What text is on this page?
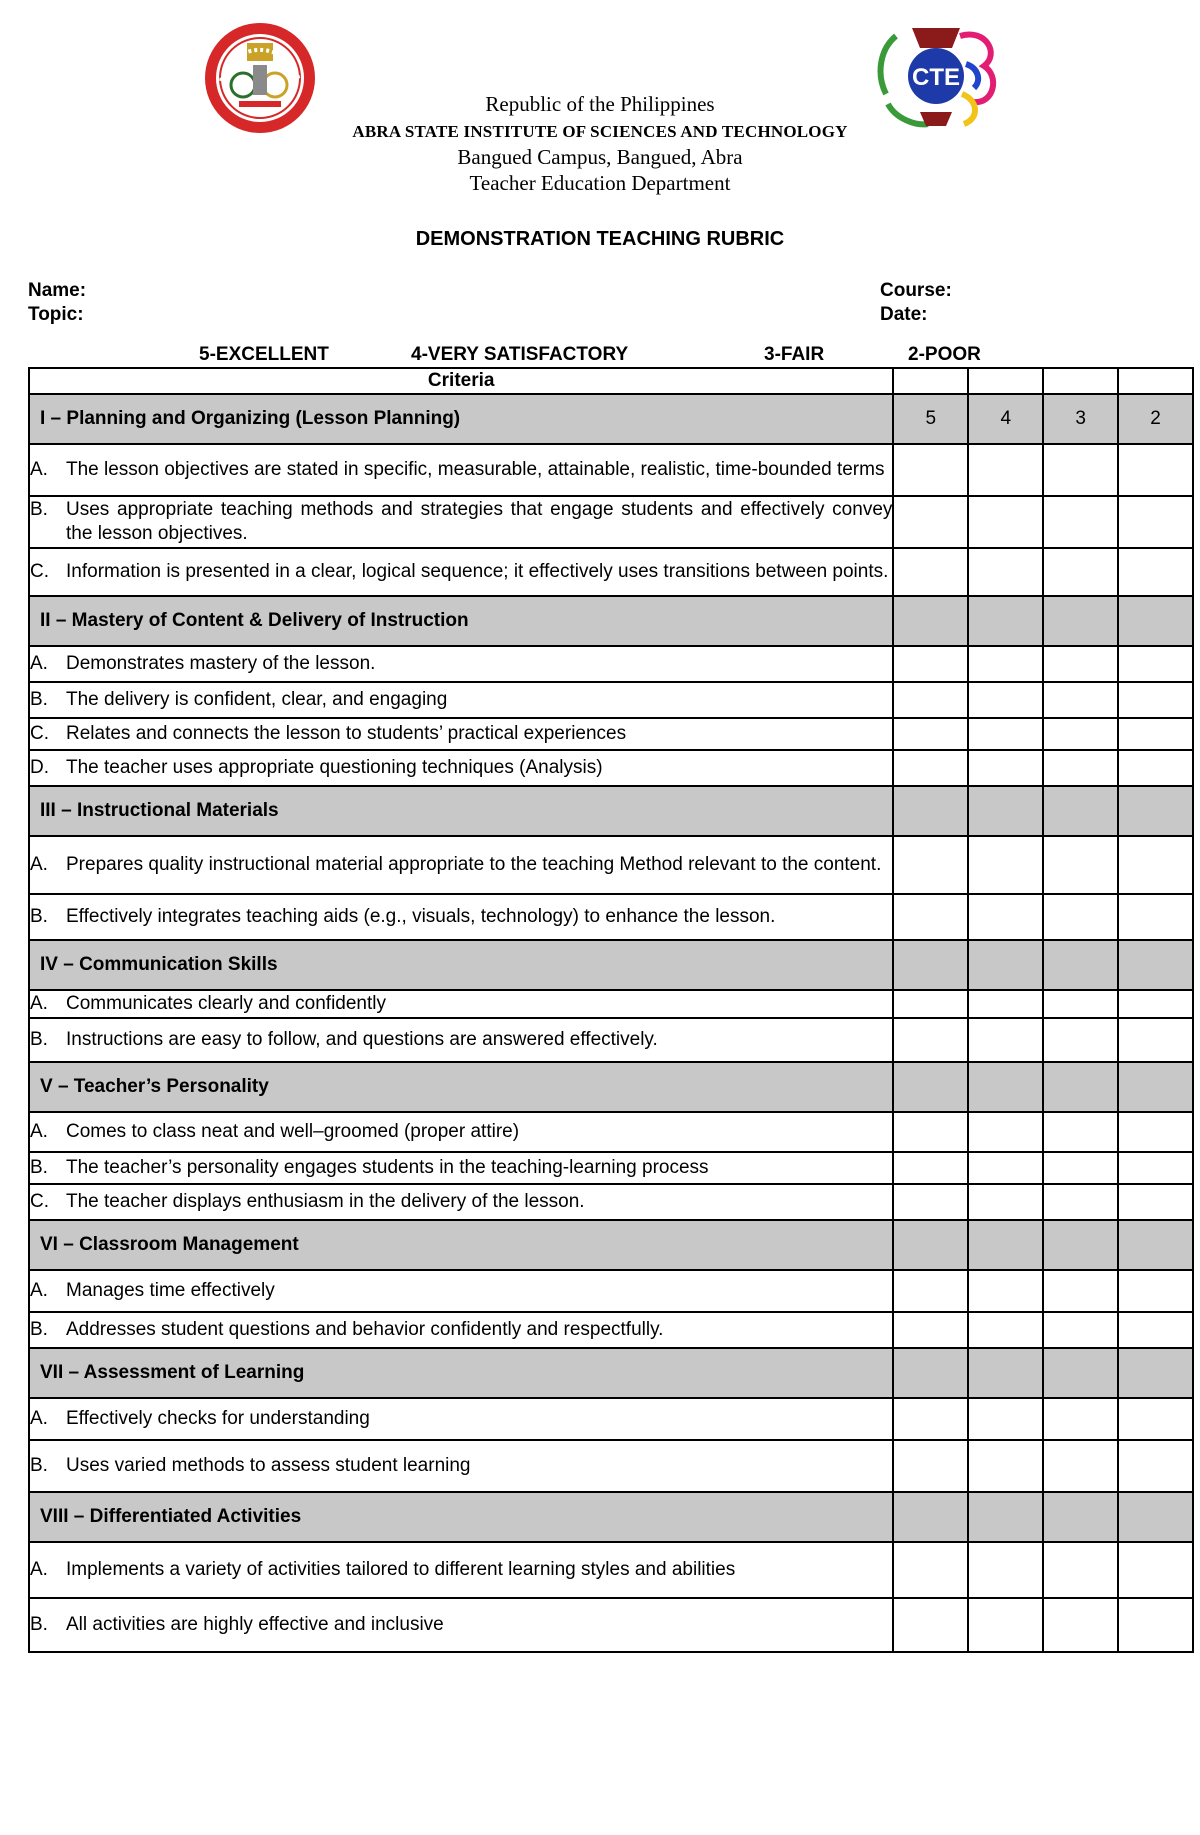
CTE
Republic of the Philippines
ABRA STATE INSTITUTE OF SCIENCES AND TECHNOLOGY
Bangued Campus, Bangued, Abra
Teacher Education Department
DEMONSTRATION TEACHING RUBRIC
Name:
Topic:
Course:
Date:
5-EXCELLENT	4-VERY SATISFACTORY	3-FAIR	2-POOR
Criteria				
I – Planning and Organizing (Lesson Planning)	5	4	3	2

A. The lesson objectives are stated in specific, measurable, attainable, realistic, time-bounded terms				

B. Uses appropriate teaching methods and strategies that engage students and effectively convey the lesson objectives.				

C. Information is presented in a clear, logical sequence; it effectively uses transitions between points.				

II – Mastery of Content & Delivery of Instruction				

A. Demonstrates mastery of the lesson.				

B. The delivery is confident, clear, and engaging				

C. Relates and connects the lesson to students’ practical experiences				

D. The teacher uses appropriate questioning techniques (Analysis)				

III – Instructional Materials				

A. Prepares quality instructional material appropriate to the teaching Method relevant to the content.				

B. Effectively integrates teaching aids (e.g., visuals, technology) to enhance the lesson.				

IV – Communication Skills				

A. Communicates clearly and confidently				

B. Instructions are easy to follow, and questions are answered effectively.				

V – Teacher’s Personality				

A. Comes to class neat and well–groomed (proper attire)				

B. The teacher’s personality engages students in the teaching-learning process				

C. The teacher displays enthusiasm in the delivery of the lesson.				

VI – Classroom Management				

A. Manages time effectively				

B. Addresses student questions and behavior confidently and respectfully.				

VII – Assessment of Learning				

A. Effectively checks for understanding				

B. Uses varied methods to assess student learning				

VIII – Differentiated Activities				

A. Implements a variety of activities tailored to different learning styles and abilities				

B. All activities are highly effective and inclusive				
